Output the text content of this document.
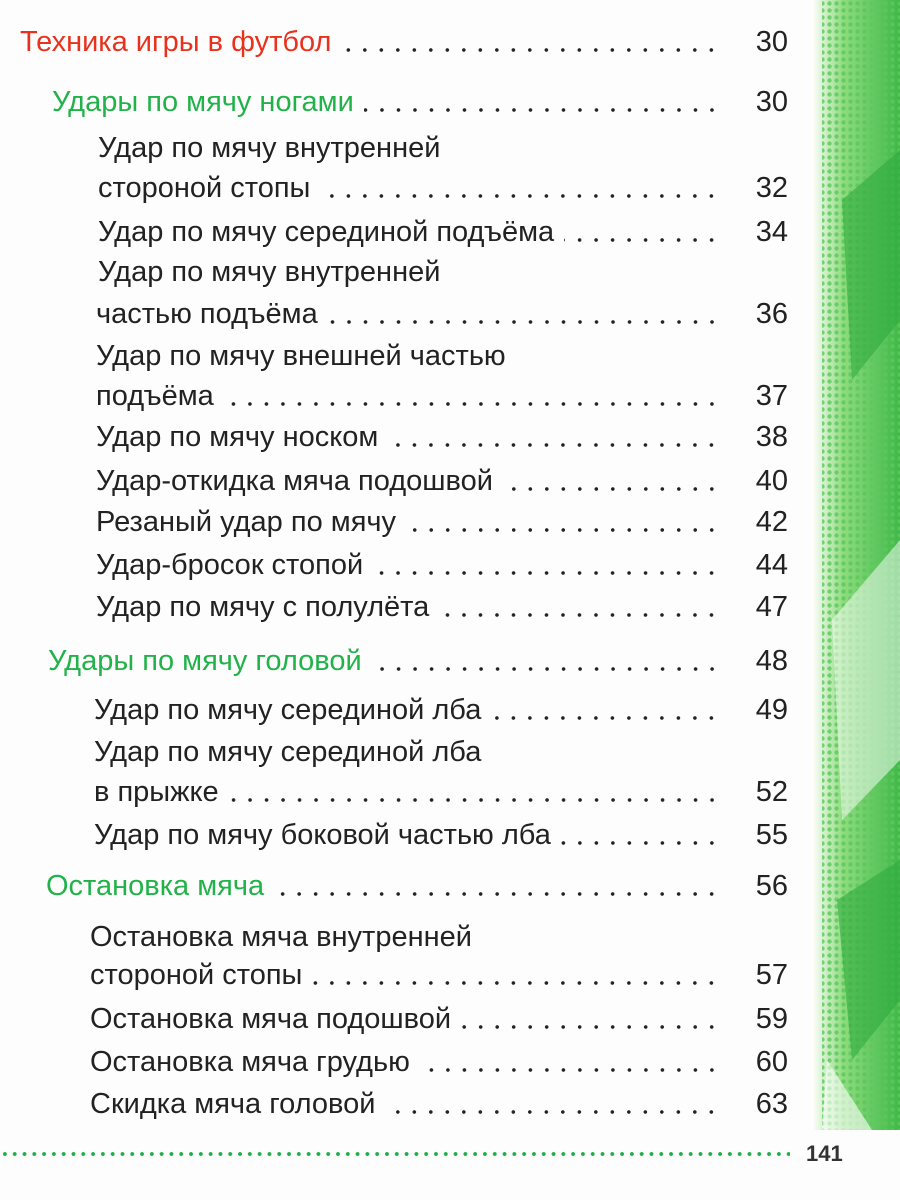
Техника игры в футбол	30
Удары по мячу ногами	30
Удар по мячу внутренней
стороной стопы	32
Удар по мячу серединой подъёма	34
Удар по мячу внутренней
частью подъёма	36
Удар по мячу внешней частью
подъёма	37
Удар по мячу носком	38
Удар-откидка мяча подошвой	40
Резаный удар по мячу	42
Удар-бросок стопой	44
Удар по мячу с полулёта	47
Удары по мячу головой	48
Удар по мячу серединой лба	49
Удар по мячу серединой лба
в прыжке	52
Удар по мячу боковой частью лба	55
Остановка мяча	56
Остановка мяча внутренней
стороной стопы	57
Остановка мяча подошвой	59
Остановка мяча грудью	60
Скидка мяча головой	63
141
